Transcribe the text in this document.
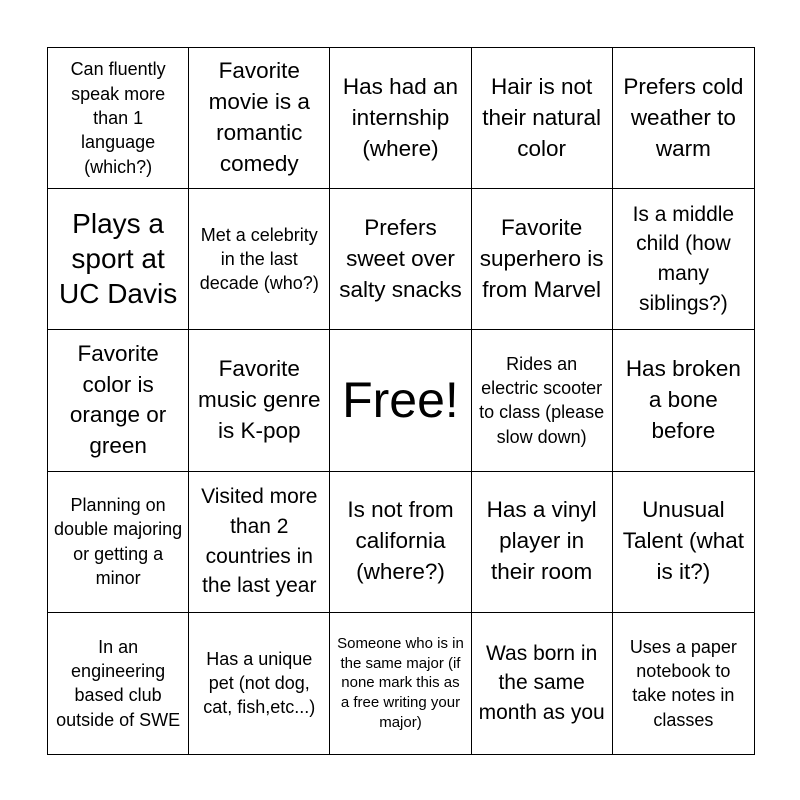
Can fluently speak more than 1 language (which?)
Favorite movie is a romantic comedy
Has had an internship (where)
Hair is not their natural color
Prefers cold weather to warm
Plays a sport at UC Davis
Met a celebrity in the last decade (who?)
Prefers sweet over salty snacks
Favorite superhero is from Marvel
Is a middle child (how many siblings?)
Favorite color is orange or green
Favorite music genre is K-pop
Free!
Rides an electric scooter to class (please slow down)
Has broken a bone before
Planning on double majoring or getting a minor
Visited more than 2 countries in the last year
Is not from california (where?)
Has a vinyl player in their room
Unusual Talent (what is it?)
In an engineering based club outside of SWE
Has a unique pet (not dog, cat, fish,etc...)
Someone who is in the same major (if none mark this as a free writing your major)
Was born in the same month as you
Uses a paper notebook to take notes in classes
